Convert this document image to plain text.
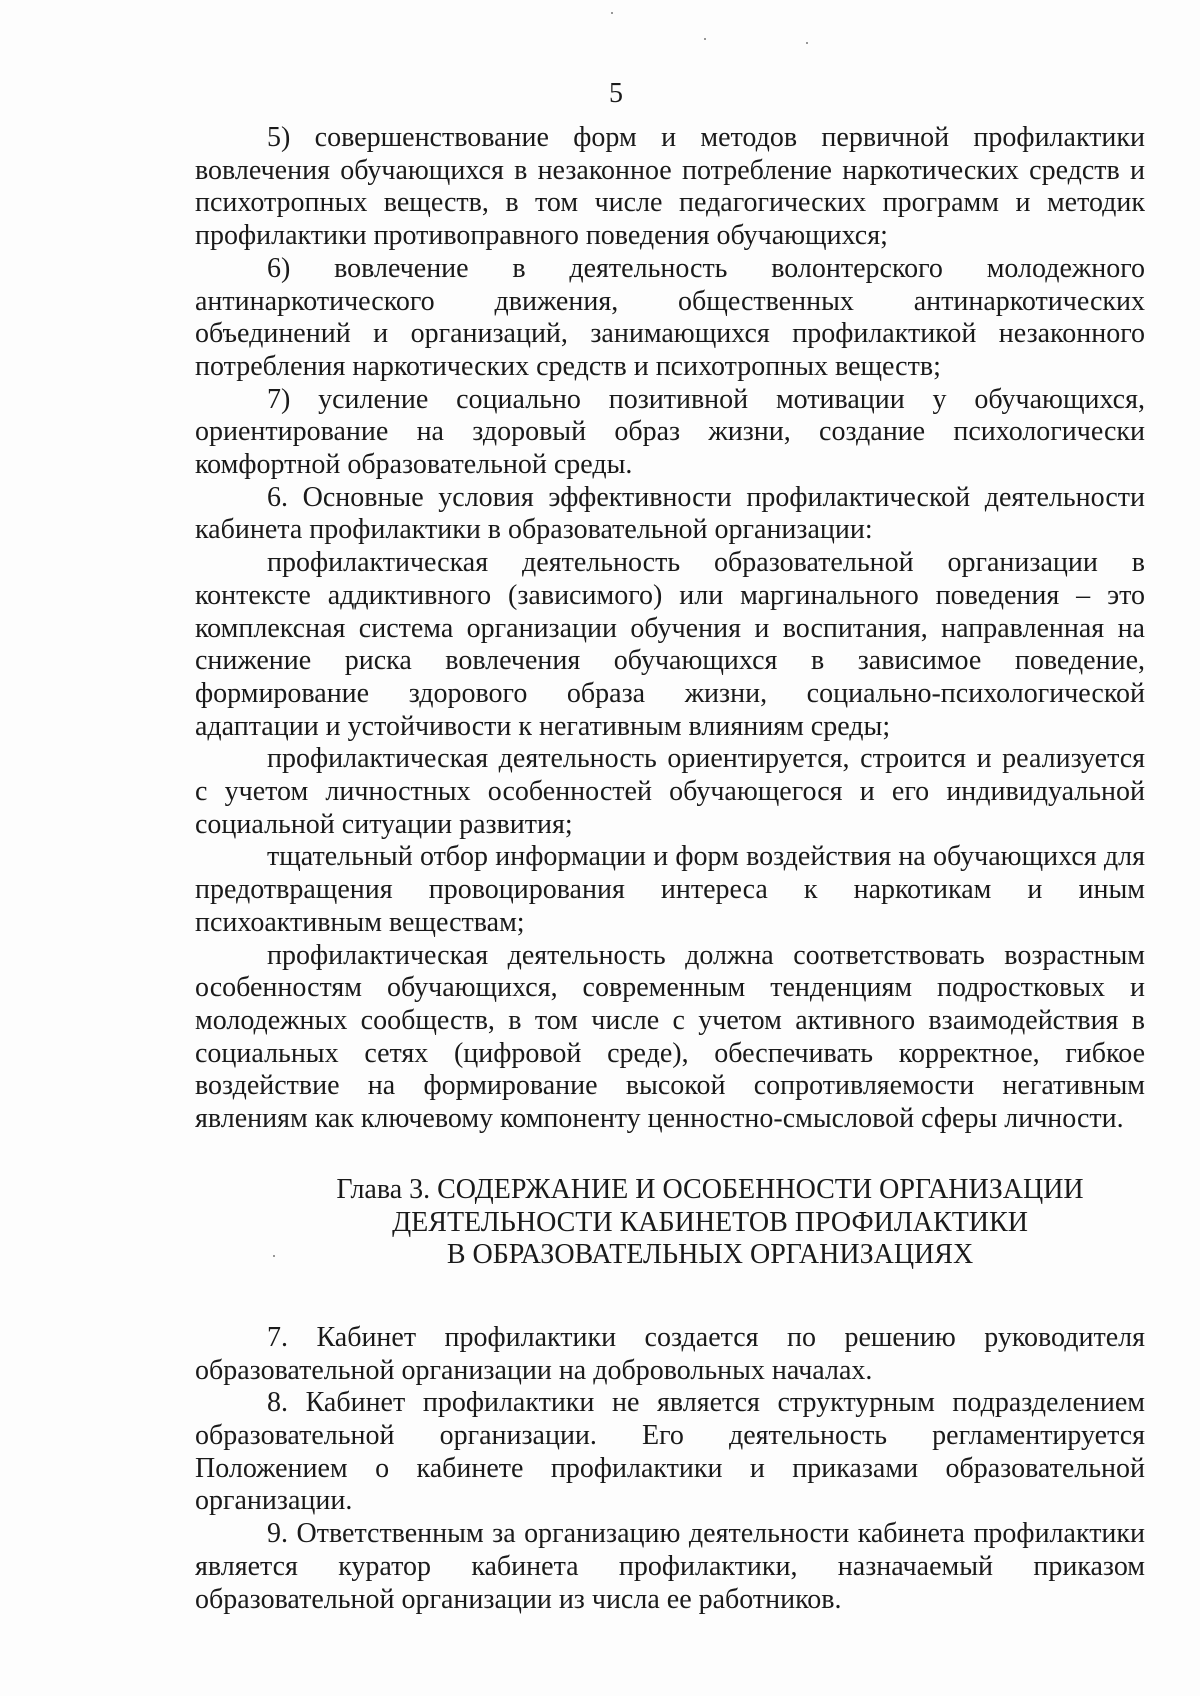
5

5) совершенствование форм и методов первичной профилактики вовлечения обучающихся в незаконное потребление наркотических средств и психотропных веществ, в том числе педагогических программ и методик профилактики противоправного поведения обучающихся;

6) вовлечение в деятельность волонтерского молодежного антинаркотического движения, общественных антинаркотических объединений и организаций, занимающихся профилактикой незаконного потребления наркотических средств и психотропных веществ;

7) усиление социально позитивной мотивации у обучающихся, ориентирование на здоровый образ жизни, создание психологически комфортной образовательной среды.

6. Основные условия эффективности профилактической деятельности кабинета профилактики в образовательной организации:

профилактическая деятельность образовательной организации в контексте аддиктивного (зависимого) или маргинального поведения – это комплексная система организации обучения и воспитания, направленная на снижение риска вовлечения обучающихся в зависимое поведение, формирование здорового образа жизни, социально-психологической адаптации и устойчивости к негативным влияниям среды;

профилактическая деятельность ориентируется, строится и реализуется с учетом личностных особенностей обучающегося и его индивидуальной социальной ситуации развития;

тщательный отбор информации и форм воздействия на обучающихся для предотвращения провоцирования интереса к наркотикам и иным психоактивным веществам;

профилактическая деятельность должна соответствовать возрастным особенностям обучающихся, современным тенденциям подростковых и молодежных сообществ, в том числе с учетом активного взаимодействия в социальных сетях (цифровой среде), обеспечивать корректное, гибкое воздействие на формирование высокой сопротивляемости негативным явлениям как ключевому компоненту ценностно-смысловой сферы личности.

Глава 3. СОДЕРЖАНИЕ И ОСОБЕННОСТИ ОРГАНИЗАЦИИ
ДЕЯТЕЛЬНОСТИ КАБИНЕТОВ ПРОФИЛАКТИКИ
В ОБРАЗОВАТЕЛЬНЫХ ОРГАНИЗАЦИЯХ

7. Кабинет профилактики создается по решению руководителя образовательной организации на добровольных началах.

8. Кабинет профилактики не является структурным подразделением образовательной организации. Его деятельность регламентируется Положением о кабинете профилактики и приказами образовательной организации.

9. Ответственным за организацию деятельности кабинета профилактики является куратор кабинета профилактики, назначаемый приказом образовательной организации из числа ее работников.
